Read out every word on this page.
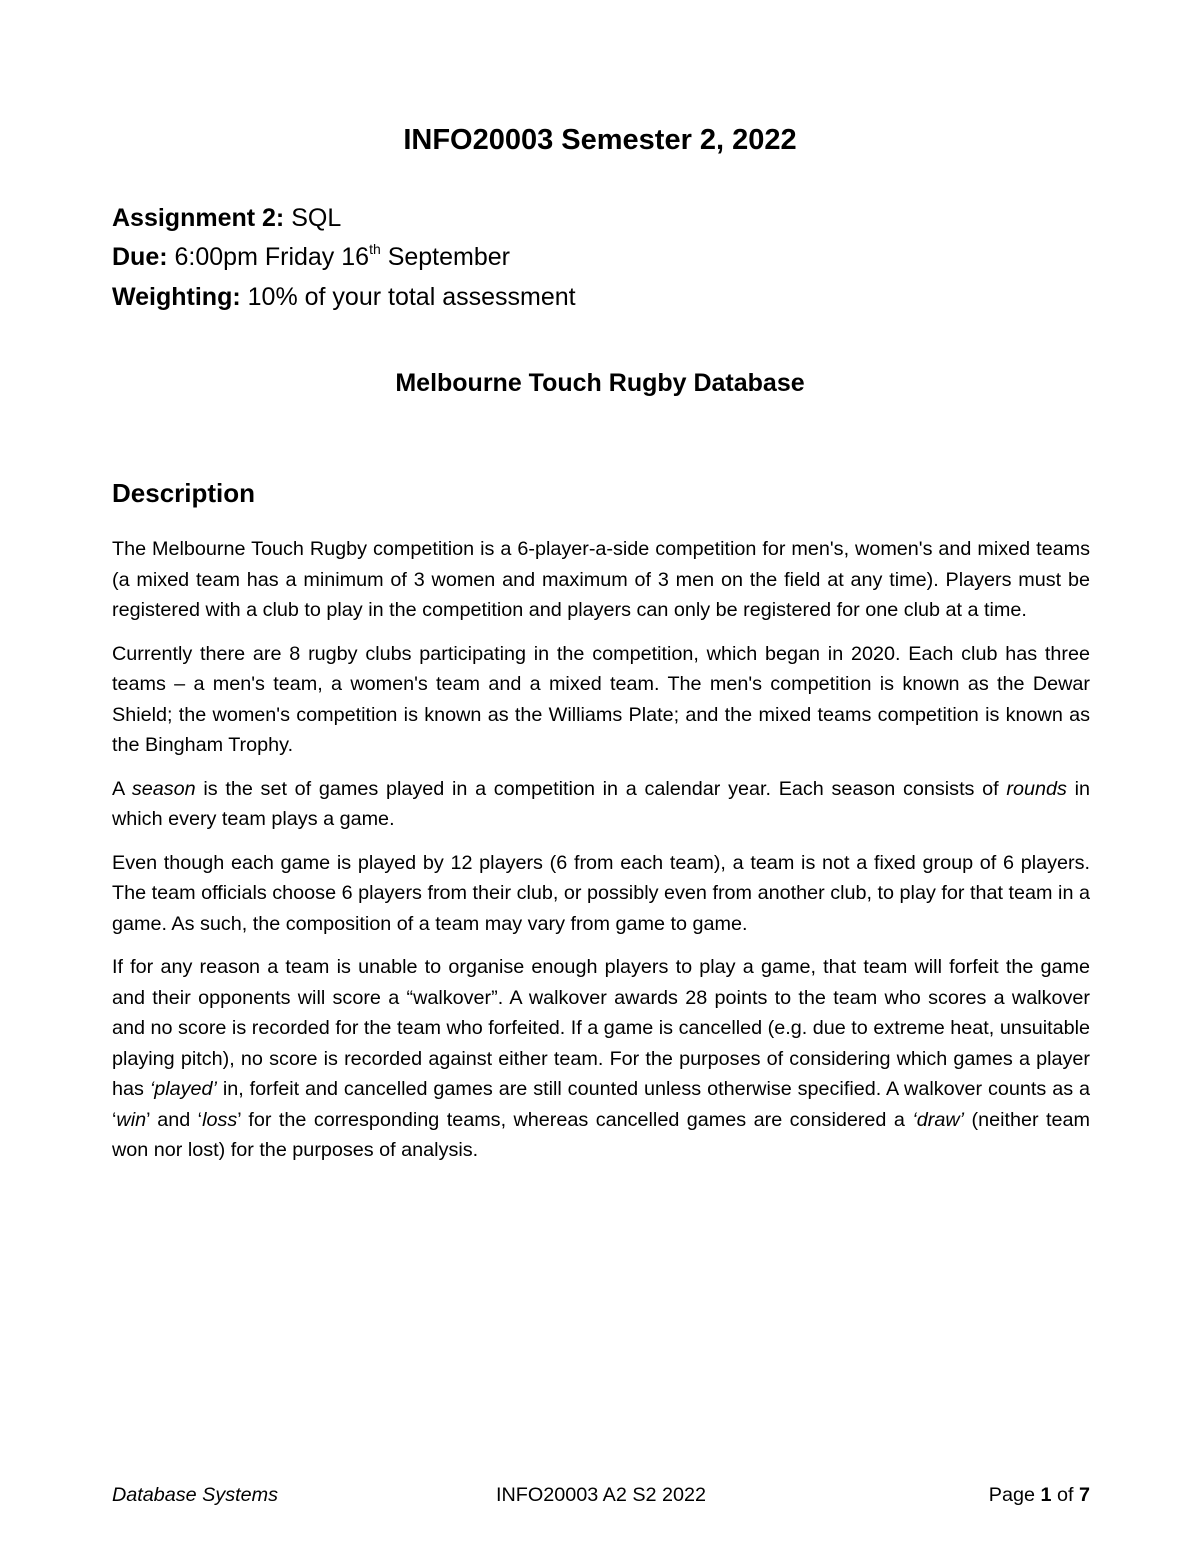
INFO20003 Semester 2, 2022

Assignment 2: SQL

Due: 6:00pm Friday 16th September

Weighting: 10% of your total assessment

Melbourne Touch Rugby Database
Description

The Melbourne Touch Rugby competition is a 6-player-a-side competition for men's, women's and mixed teams (a mixed team has a minimum of 3 women and maximum of 3 men on the field at any time). Players must be registered with a club to play in the competition and players can only be registered for one club at a time.

Currently there are 8 rugby clubs participating in the competition, which began in 2020. Each club has three teams – a men's team, a women's team and a mixed team. The men's competition is known as the Dewar Shield; the women's competition is known as the Williams Plate; and the mixed teams competition is known as the Bingham Trophy.

A season is the set of games played in a competition in a calendar year. Each season consists of rounds in which every team plays a game.

Even though each game is played by 12 players (6 from each team), a team is not a fixed group of 6 players. The team officials choose 6 players from their club, or possibly even from another club, to play for that team in a game. As such, the composition of a team may vary from game to game.

If for any reason a team is unable to organise enough players to play a game, that team will forfeit the game and their opponents will score a “walkover”. A walkover awards 28 points to the team who scores a walkover and no score is recorded for the team who forfeited. If a game is cancelled (e.g. due to extreme heat, unsuitable playing pitch), no score is recorded against either team. For the purposes of considering which games a player has ‘played’ in, forfeit and cancelled games are still counted unless otherwise specified. A walkover counts as a ‘win’ and ‘loss’ for the corresponding teams, whereas cancelled games are considered a ‘draw’ (neither team won nor lost) for the purposes of analysis.

Database Systems	INFO20003 A2 S2 2022	Page 1 of 7
